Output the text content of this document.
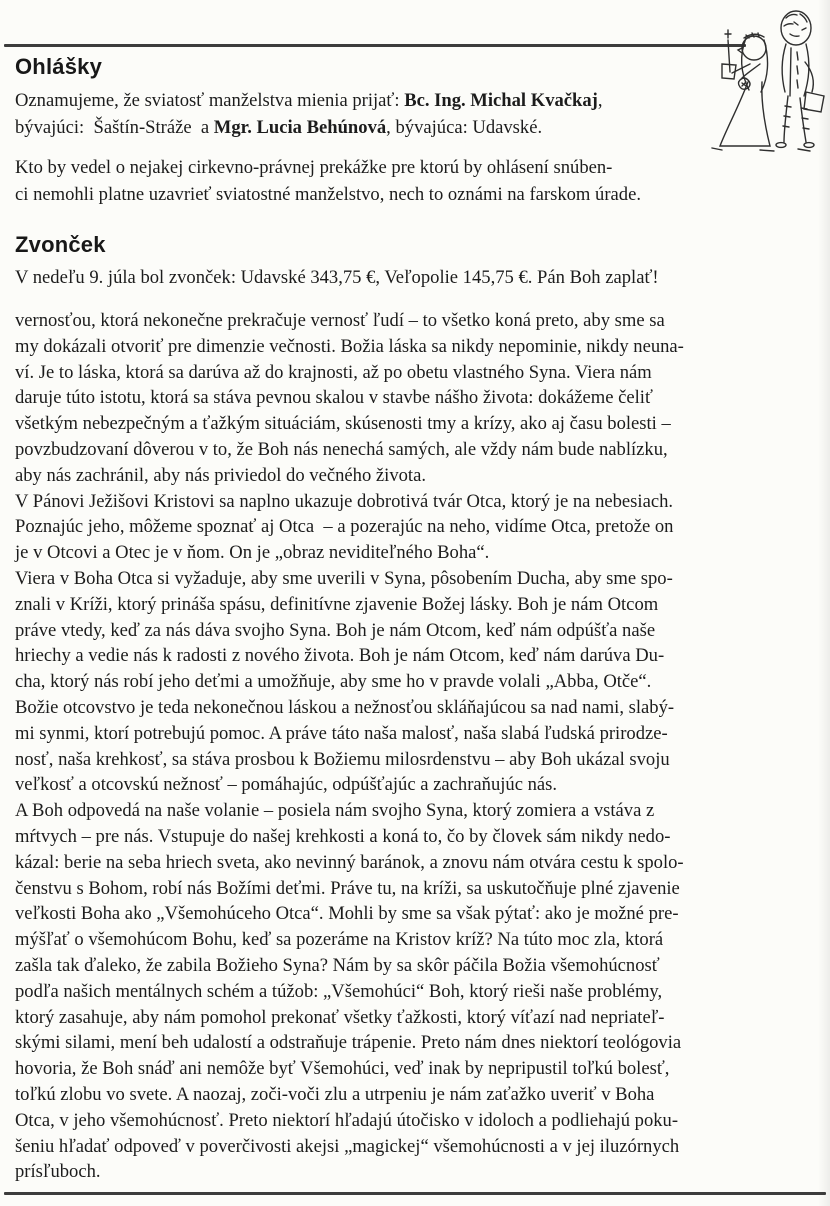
Ohlášky
Oznamujeme, že sviatosť manželstva mienia prijať: Bc. Ing. Michal Kvačkaj,
bývajúci:  Šaštín-Stráže  a Mgr. Lucia Behúnová, bývajúca: Udavské.
Kto by vedel o nejakej cirkevno-právnej prekážke pre ktorú by ohlásení snúben-
ci nemohli platne uzavrieť sviatostné manželstvo, nech to oznámi na farskom úrade.
Zvonček
V nedeľu 9. júla bol zvonček: Udavské 343,75 €, Veľopolie 145,75 €. Pán Boh zaplať!
vernosťou, ktorá nekonečne prekračuje vernosť ľudí – to všetko koná preto, aby sme sa
my dokázali otvoriť pre dimenzie večnosti. Božia láska sa nikdy nepominie, nikdy neuna-
ví. Je to láska, ktorá sa darúva až do krajnosti, až po obetu vlastného Syna. Viera nám
daruje túto istotu, ktorá sa stáva pevnou skalou v stavbe nášho života: dokážeme čeliť
všetkým nebezpečným a ťažkým situáciám, skúsenosti tmy a krízy, ako aj času bolesti –
povzbudzovaní dôverou v to, že Boh nás nenechá samých, ale vždy nám bude nablízku,
aby nás zachránil, aby nás priviedol do večného života.
V Pánovi Ježišovi Kristovi sa naplno ukazuje dobrotivá tvár Otca, ktorý je na nebesiach.
Poznajúc jeho, môžeme spoznať aj Otca  – a pozerajúc na neho, vidíme Otca, pretože on
je v Otcovi a Otec je v ňom. On je „obraz neviditeľného Boha“.
Viera v Boha Otca si vyžaduje, aby sme uverili v Syna, pôsobením Ducha, aby sme spo-
znali v Kríži, ktorý prináša spásu, definitívne zjavenie Božej lásky. Boh je nám Otcom
práve vtedy, keď za nás dáva svojho Syna. Boh je nám Otcom, keď nám odpúšťa naše
hriechy a vedie nás k radosti z nového života. Boh je nám Otcom, keď nám darúva Du-
cha, ktorý nás robí jeho deťmi a umožňuje, aby sme ho v pravde volali „Abba, Otče“.
Božie otcovstvo je teda nekonečnou láskou a nežnosťou skláňajúcou sa nad nami, slabý-
mi synmi, ktorí potrebujú pomoc. A práve táto naša malosť, naša slabá ľudská prirodze-
nosť, naša krehkosť, sa stáva prosbou k Božiemu milosrdenstvu – aby Boh ukázal svoju
veľkosť a otcovskú nežnosť – pomáhajúc, odpúšťajúc a zachraňujúc nás.
A Boh odpovedá na naše volanie – posiela nám svojho Syna, ktorý zomiera a vstáva z
mŕtvych – pre nás. Vstupuje do našej krehkosti a koná to, čo by človek sám nikdy nedo-
kázal: berie na seba hriech sveta, ako nevinný baránok, a znovu nám otvára cestu k spolo-
čenstvu s Bohom, robí nás Božími deťmi. Práve tu, na kríži, sa uskutočňuje plné zjavenie
veľkosti Boha ako „Všemohúceho Otca“. Mohli by sme sa však pýtať: ako je možné pre-
mýšľať o všemohúcom Bohu, keď sa pozeráme na Kristov kríž? Na túto moc zla, ktorá
zašla tak ďaleko, že zabila Božieho Syna? Nám by sa skôr páčila Božia všemohúcnosť
podľa našich mentálnych schém a túžob: „Všemohúci“ Boh, ktorý rieši naše problémy,
ktorý zasahuje, aby nám pomohol prekonať všetky ťažkosti, ktorý víťazí nad nepriateľ-
skými silami, mení beh udalostí a odstraňuje trápenie. Preto nám dnes niektorí teológovia
hovoria, že Boh snáď ani nemôže byť Všemohúci, veď inak by nepripustil toľkú bolesť,
toľkú zlobu vo svete. A naozaj, zoči-voči zlu a utrpeniu je nám zaťažko uveriť v Boha
Otca, v jeho všemohúcnosť. Preto niektorí hľadajú útočisko v idoloch a podliehajú poku-
šeniu hľadať odpoveď v poverčivosti akejsi „magickej“ všemohúcnosti a v jej iluzórnych
prísľuboch.
